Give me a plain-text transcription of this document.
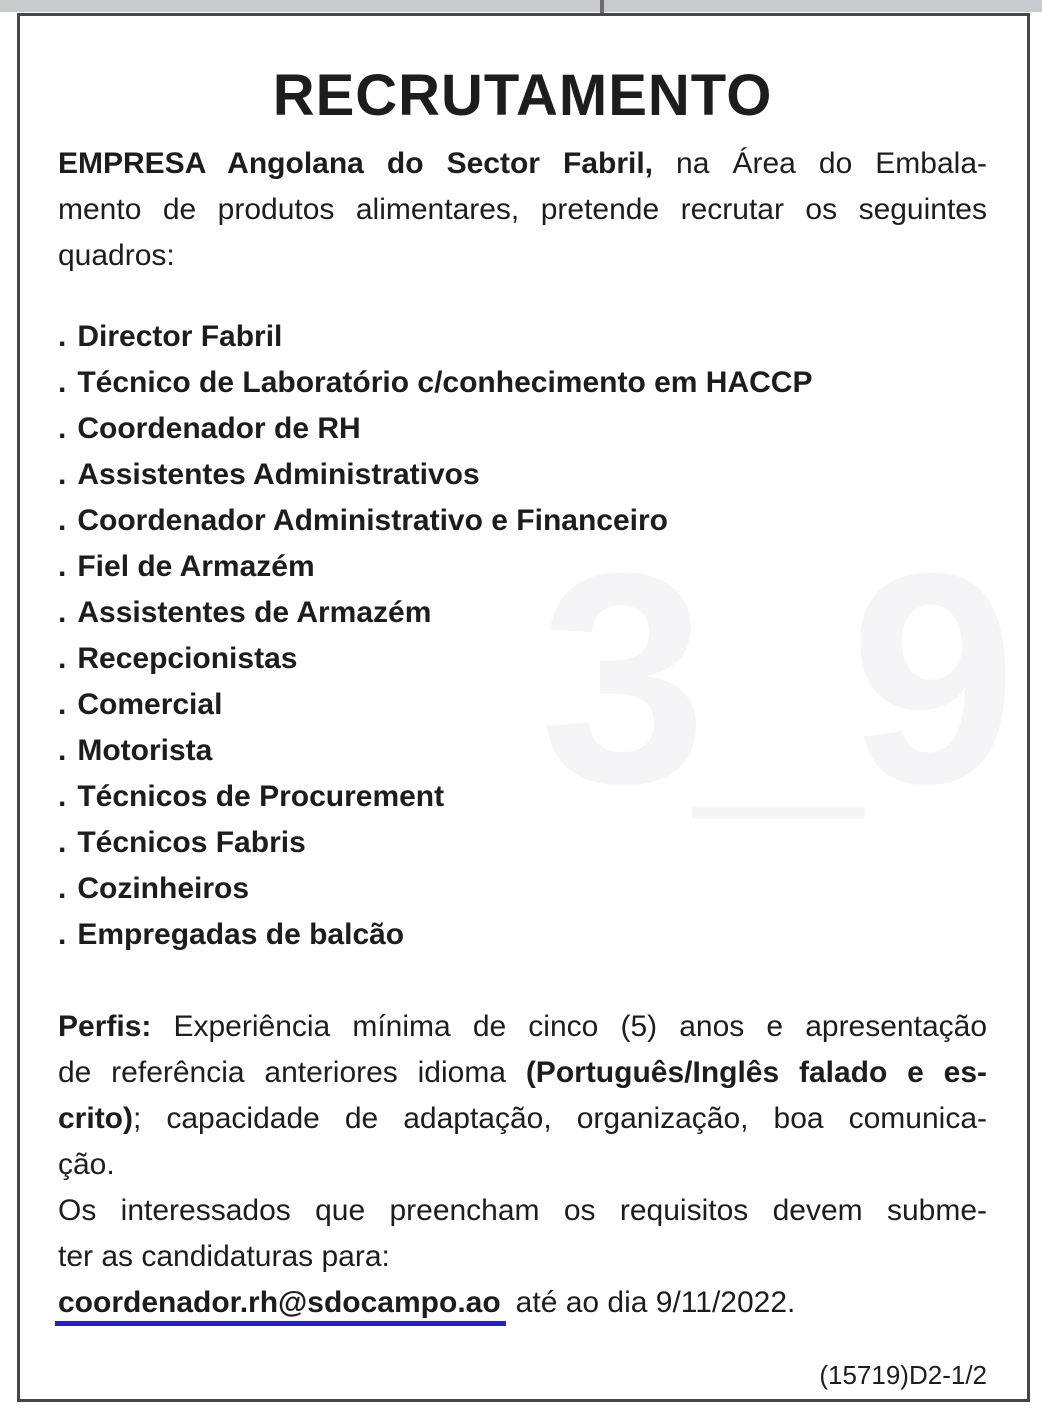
3_9
RECRUTAMENTO
EMPRESA Angolana do Sector Fabril, na Área do Embala-
mento de produtos alimentares, pretende recrutar os seguintes
quadros:
. Director Fabril
. Técnico de Laboratório c/conhecimento em HACCP
. Coordenador de RH
. Assistentes Administrativos
. Coordenador Administrativo e Financeiro
. Fiel de Armazém
. Assistentes de Armazém
. Recepcionistas
. Comercial
. Motorista
. Técnicos de Procurement
. Técnicos Fabris
. Cozinheiros
. Empregadas de balcão
Perfis: Experiência mínima de cinco (5) anos e apresentação
de referência anteriores idioma (Português/Inglês falado e es-
crito); capacidade de adaptação, organização, boa comunica-
ção.
Os interessados que preencham os requisitos devem subme-
ter as candidaturas para:
coordenador.rh@sdocampo.ao até ao dia 9/11/2022.
(15719)D2-1/2
